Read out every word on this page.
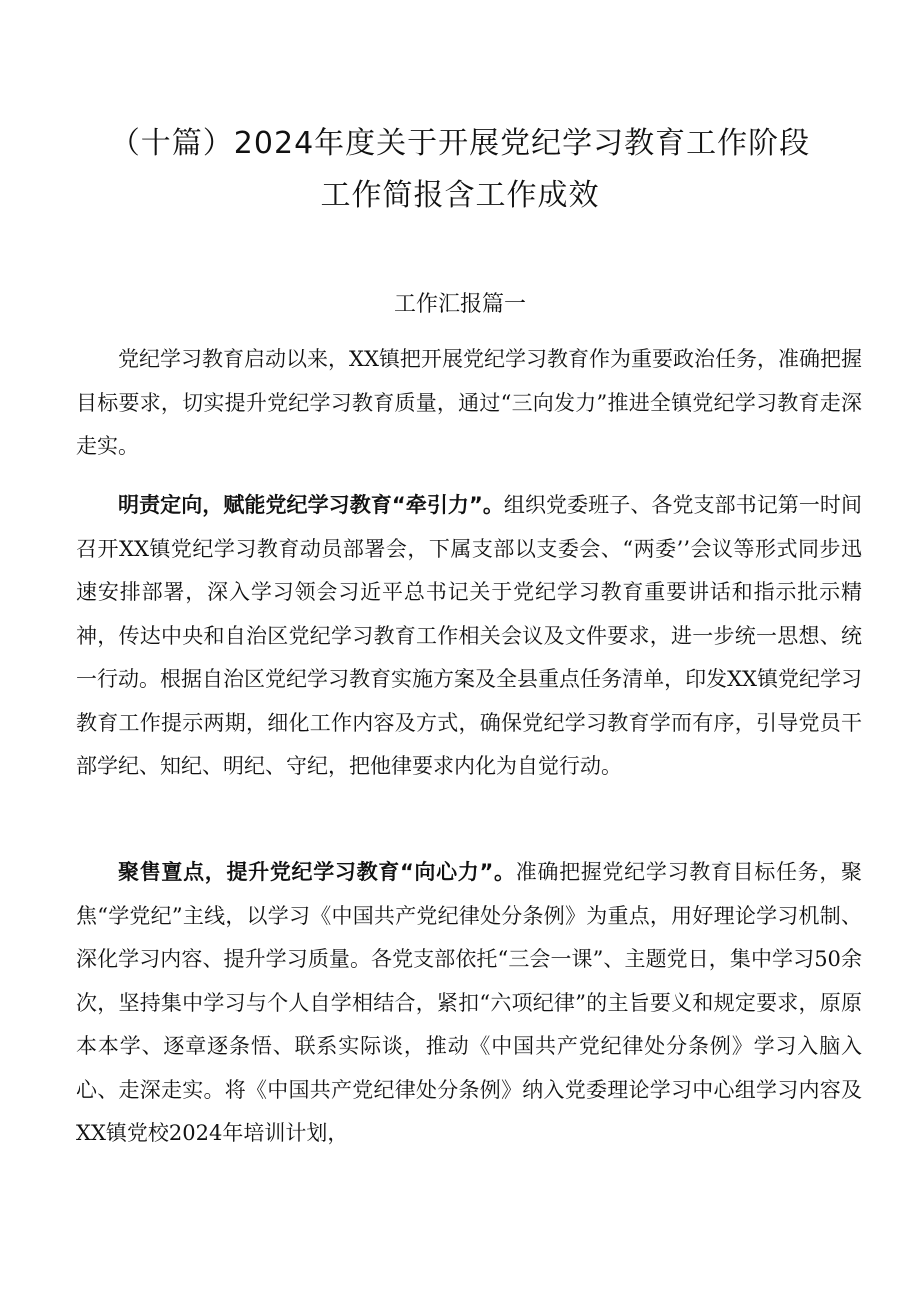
（十篇）2024年度关于开展党纪学习教育工作阶段
工作简报含工作成效
工作汇报篇一

党纪学习教育启动以来，XX镇把开展党纪学习教育作为重要政治任务，准确把握目标要求，切实提升党纪学习教育质量，通过“三向发力”推进全镇党纪学习教育走深走实。

明责定向，赋能党纪学习教育“牵引力”。组织党委班子、各党支部书记第一时间召开XX镇党纪学习教育动员部署会，下属支部以支委会、“两委’’会议等形式同步迅速安排部署，深入学习领会习近平总书记关于党纪学习教育重要讲话和指示批示精神，传达中央和自治区党纪学习教育工作相关会议及文件要求，进一步统一思想、统一行动。根据自治区党纪学习教育实施方案及全县重点任务清单，印发XX镇党纪学习教育工作提示两期，细化工作内容及方式，确保党纪学习教育学而有序，引导党员干部学纪、知纪、明纪、守纪，把他律要求内化为自觉行动。

聚售亶点，提升党纪学习教育“向心力”。准确把握党纪学习教育目标任务，聚焦“学党纪”主线，以学习《中国共产党纪律处分条例》为重点，用好理论学习机制、深化学习内容、提升学习质量。各党支部依托“三会一课”、主题党日，集中学习50余次，坚持集中学习与个人自学相结合，紧扣“六项纪律”的主旨要义和规定要求，原原本本学、逐章逐条悟、联系实际谈，推动《中国共产党纪律处分条例》学习入脑入心、走深走实。将《中国共产党纪律处分条例》纳入党委理论学习中心组学习内容及XX镇党校2024年培训计划，
